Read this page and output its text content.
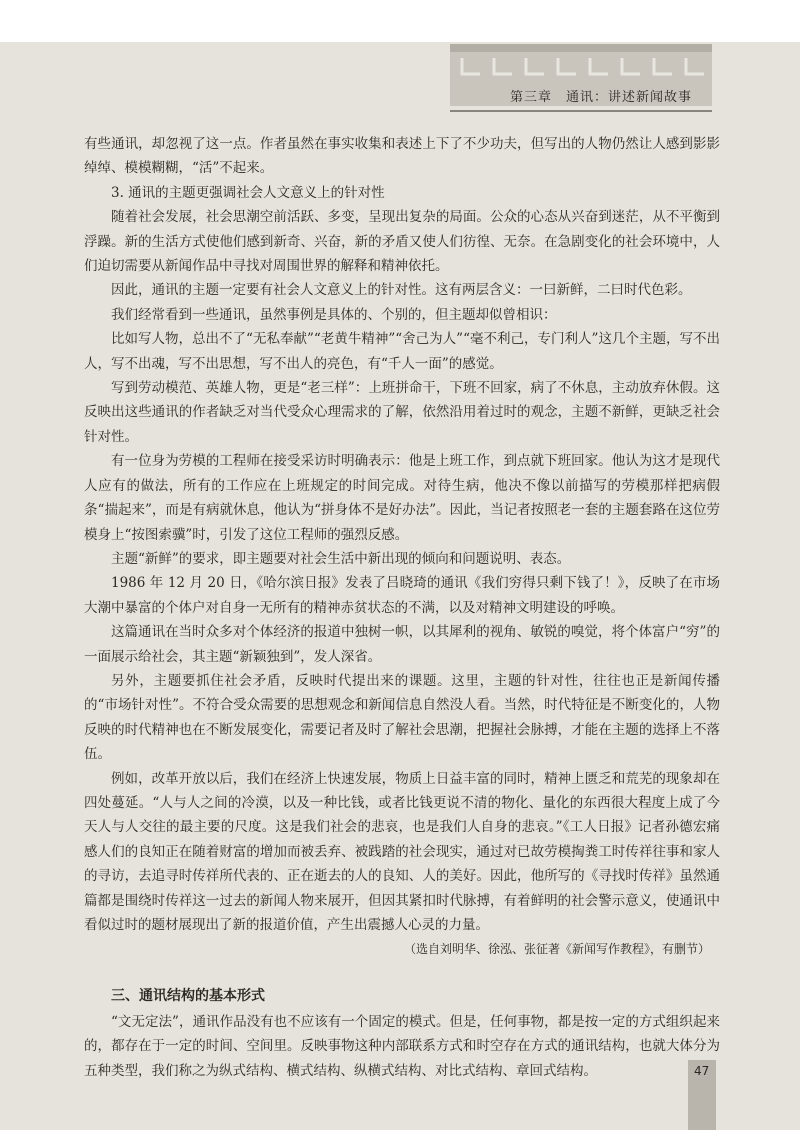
第三章　通讯：讲述新闻故事

有些通讯，却忽视了这一点。作者虽然在事实收集和表述上下了不少功夫，但写出的人物仍然让人感到影影绰绰、模模糊糊，“活”不起来。

3. 通讯的主题更强调社会人文意义上的针对性

随着社会发展，社会思潮空前活跃、多变，呈现出复杂的局面。公众的心态从兴奋到迷茫，从不平衡到浮躁。新的生活方式使他们感到新奇、兴奋，新的矛盾又使人们彷徨、无奈。在急剧变化的社会环境中，人们迫切需要从新闻作品中寻找对周围世界的解释和精神依托。

因此，通讯的主题一定要有社会人文意义上的针对性。这有两层含义：一曰新鲜，二曰时代色彩。

我们经常看到一些通讯，虽然事例是具体的、个别的，但主题却似曾相识：

比如写人物，总出不了“无私奉献”“老黄牛精神”“舍己为人”“毫不利己，专门利人”这几个主题，写不出人，写不出魂，写不出思想，写不出人的亮色，有“千人一面”的感觉。

写到劳动模范、英雄人物，更是“老三样”：上班拼命干，下班不回家，病了不休息，主动放弃休假。这反映出这些通讯的作者缺乏对当代受众心理需求的了解，依然沿用着过时的观念，主题不新鲜，更缺乏社会针对性。

有一位身为劳模的工程师在接受采访时明确表示：他是上班工作，到点就下班回家。他认为这才是现代人应有的做法，所有的工作应在上班规定的时间完成。对待生病，他决不像以前描写的劳模那样把病假条“揣起来”，而是有病就休息，他认为“拼身体不是好办法”。因此，当记者按照老一套的主题套路在这位劳模身上“按图索骥”时，引发了这位工程师的强烈反感。

主题“新鲜”的要求，即主题要对社会生活中新出现的倾向和问题说明、表态。

1986 年 12 月 20 日，《哈尔滨日报》发表了吕晓琦的通讯《我们穷得只剩下钱了！》，反映了在市场大潮中暴富的个体户对自身一无所有的精神赤贫状态的不满，以及对精神文明建设的呼唤。

这篇通讯在当时众多对个体经济的报道中独树一帜，以其犀利的视角、敏锐的嗅觉，将个体富户“穷”的一面展示给社会，其主题“新颖独到”，发人深省。

另外，主题要抓住社会矛盾，反映时代提出来的课题。这里，主题的针对性，往往也正是新闻传播的“市场针对性”。不符合受众需要的思想观念和新闻信息自然没人看。当然，时代特征是不断变化的，人物反映的时代精神也在不断发展变化，需要记者及时了解社会思潮，把握社会脉搏，才能在主题的选择上不落伍。

例如，改革开放以后，我们在经济上快速发展，物质上日益丰富的同时，精神上匮乏和荒芜的现象却在四处蔓延。“人与人之间的冷漠，以及一种比钱，或者比钱更说不清的物化、量化的东西很大程度上成了今天人与人交往的最主要的尺度。这是我们社会的悲哀，也是我们人自身的悲哀。”《工人日报》记者孙德宏痛感人们的良知正在随着财富的增加而被丢弃、被践踏的社会现实，通过对已故劳模掏粪工时传祥往事和家人的寻访，去追寻时传祥所代表的、正在逝去的人的良知、人的美好。因此，他所写的《寻找时传祥》虽然通篇都是围绕时传祥这一过去的新闻人物来展开，但因其紧扣时代脉搏，有着鲜明的社会警示意义，使通讯中看似过时的题材展现出了新的报道价值，产生出震撼人心灵的力量。

（选自刘明华、徐泓、张征著《新闻写作教程》，有删节）

三、通讯结构的基本形式

“文无定法”，通讯作品没有也不应该有一个固定的模式。但是，任何事物，都是按一定的方式组织起来的，都存在于一定的时间、空间里。反映事物这种内部联系方式和时空存在方式的通讯结构，也就大体分为五种类型，我们称之为纵式结构、横式结构、纵横式结构、对比式结构、章回式结构。	47
